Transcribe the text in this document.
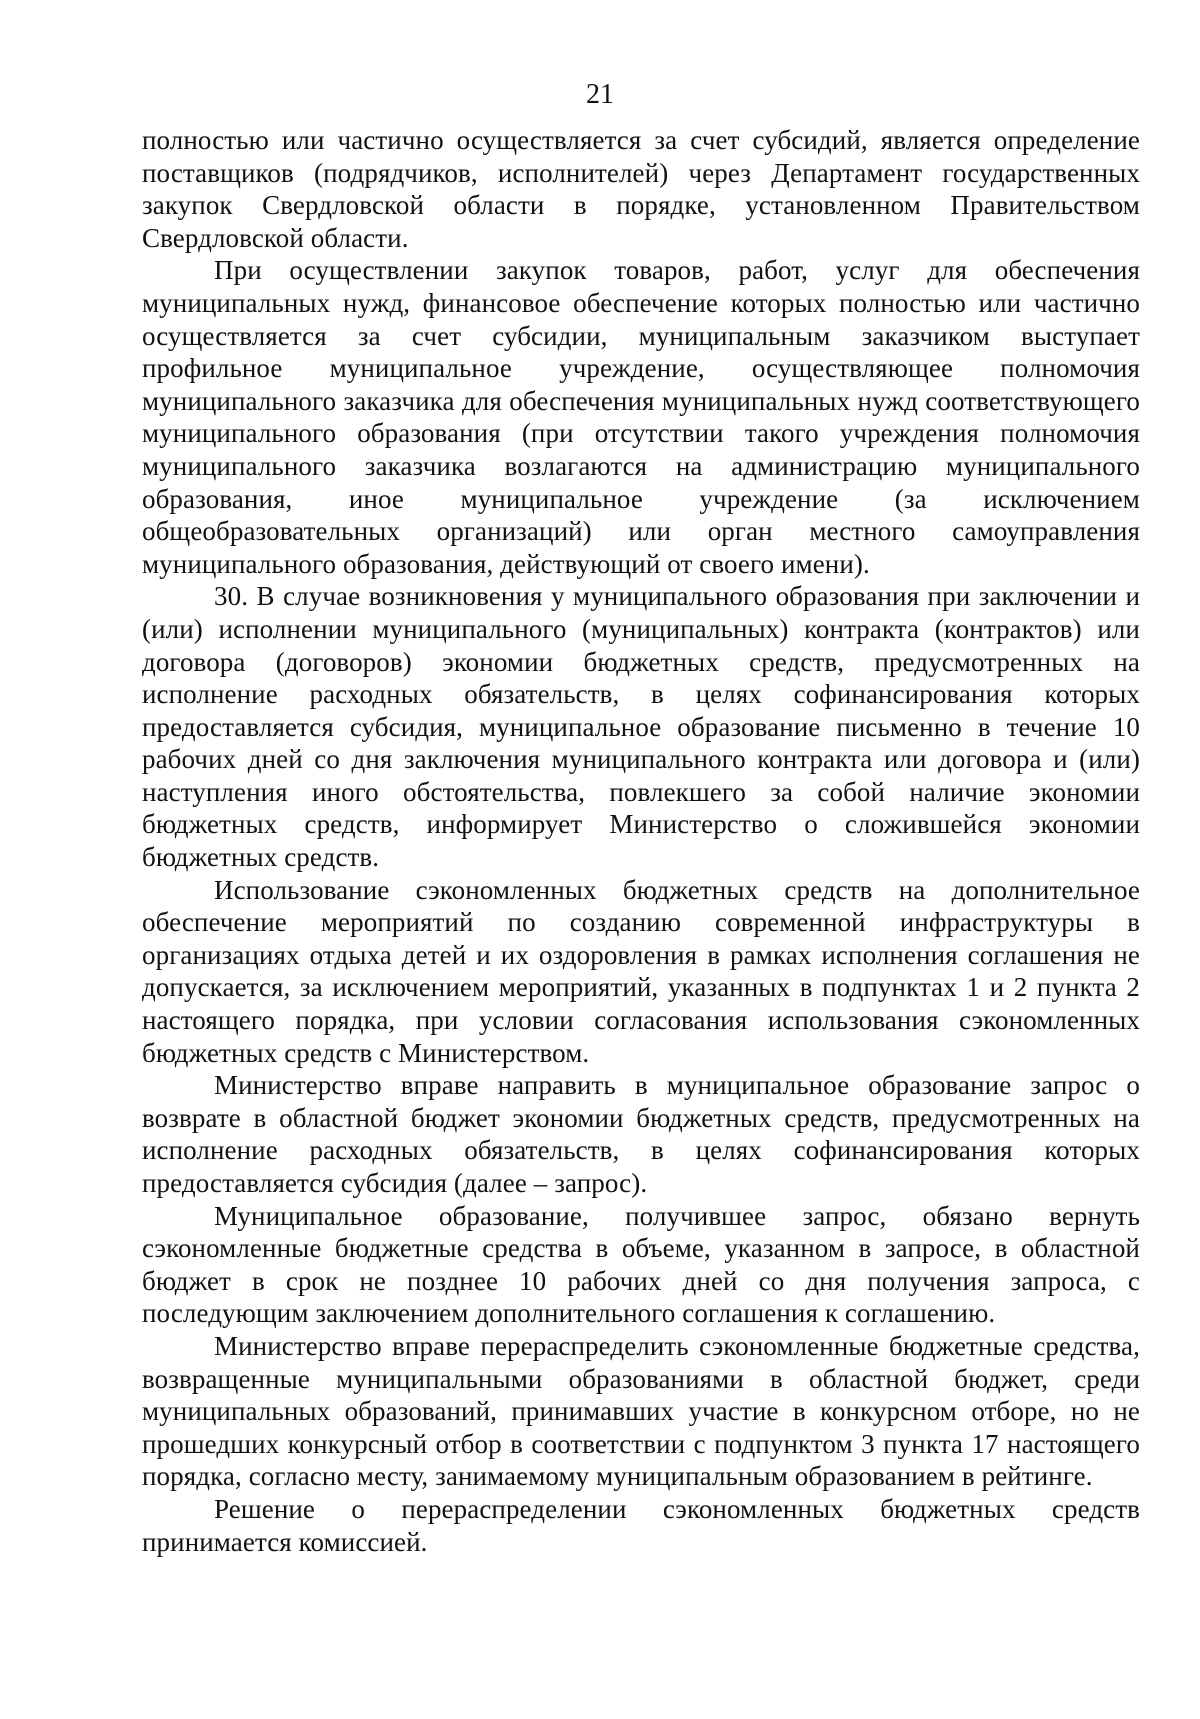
21

полностью или частично осуществляется за счет субсидий, является определение поставщиков (подрядчиков, исполнителей) через Департамент государственных закупок Свердловской области в порядке, установленном Правительством Свердловской области.

При осуществлении закупок товаров, работ, услуг для обеспечения муниципальных нужд, финансовое обеспечение которых полностью или частично осуществляется за счет субсидии, муниципальным заказчиком выступает профильное муниципальное учреждение, осуществляющее полномочия муниципального заказчика для обеспечения муниципальных нужд соответствующего муниципального образования (при отсутствии такого учреждения полномочия муниципального заказчика возлагаются на администрацию муниципального образования, иное муниципальное учреждение (за исключением общеобразовательных организаций) или орган местного самоуправления муниципального образования, действующий от своего имени).

30. В случае возникновения у муниципального образования при заключении и (или) исполнении муниципального (муниципальных) контракта (контрактов) или договора (договоров) экономии бюджетных средств, предусмотренных на исполнение расходных обязательств, в целях софинансирования которых предоставляется субсидия, муниципальное образование письменно в течение 10 рабочих дней со дня заключения муниципального контракта или договора и (или) наступления иного обстоятельства, повлекшего за собой наличие экономии бюджетных средств, информирует Министерство о сложившейся экономии бюджетных средств.

Использование сэкономленных бюджетных средств на дополнительное обеспечение мероприятий по созданию современной инфраструктуры в организациях отдыха детей и их оздоровления в рамках исполнения соглашения не допускается, за исключением мероприятий, указанных в подпунктах 1 и 2 пункта 2 настоящего порядка, при условии согласования использования сэкономленных бюджетных средств с Министерством.

Министерство вправе направить в муниципальное образование запрос о возврате в областной бюджет экономии бюджетных средств, предусмотренных на исполнение расходных обязательств, в целях софинансирования которых предоставляется субсидия (далее – запрос).

Муниципальное образование, получившее запрос, обязано вернуть сэкономленные бюджетные средства в объеме, указанном в запросе, в областной бюджет в срок не позднее 10 рабочих дней со дня получения запроса, с последующим заключением дополнительного соглашения к соглашению.

Министерство вправе перераспределить сэкономленные бюджетные средства, возвращенные муниципальными образованиями в областной бюджет, среди муниципальных образований, принимавших участие в конкурсном отборе, но не прошедших конкурсный отбор в соответствии с подпунктом 3 пункта 17 настоящего порядка, согласно месту, занимаемому муниципальным образованием в рейтинге.

Решение о перераспределении сэкономленных бюджетных средств принимается комиссией.
